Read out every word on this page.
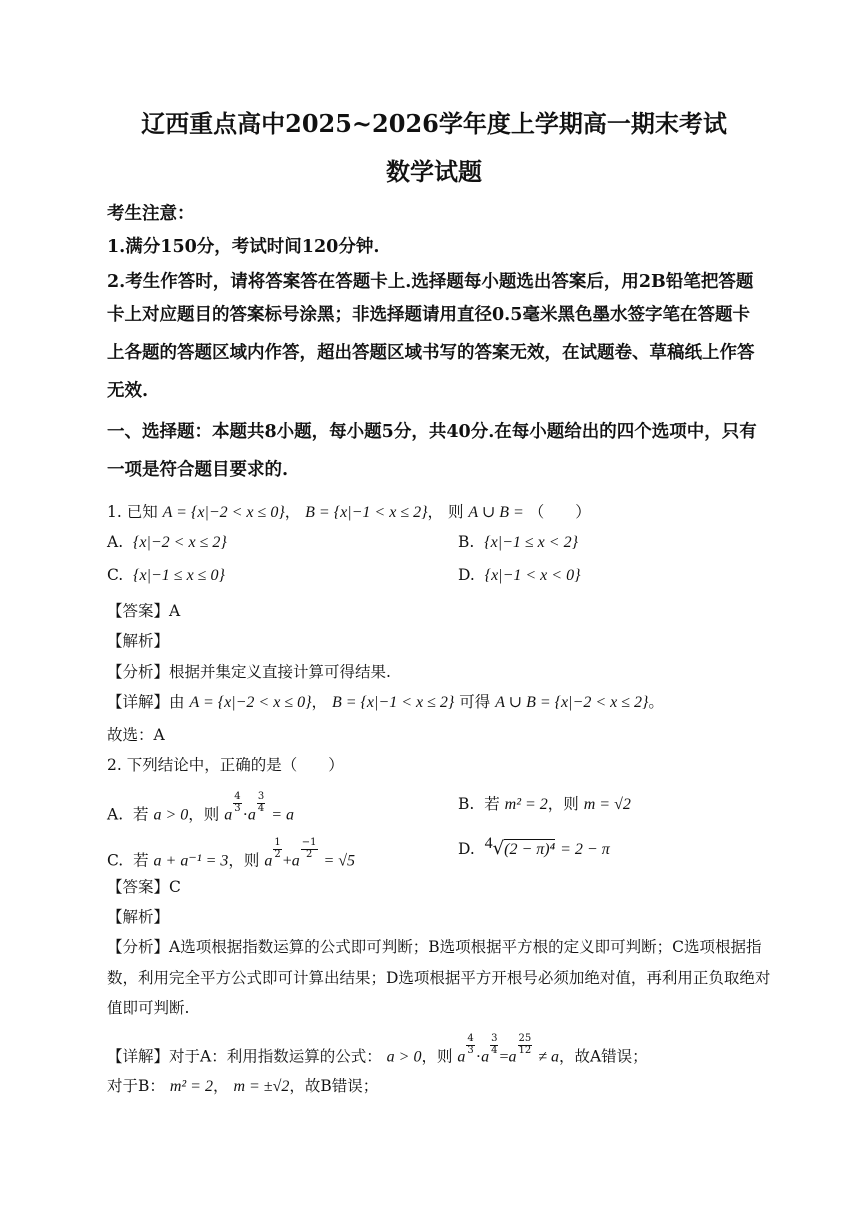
辽西重点高中2025~2026学年度上学期高一期末考试
数学试题
考生注意：
1.满分150分，考试时间120分钟.
2.考生作答时，请将答案答在答题卡上.选择题每小题选出答案后，用2B铅笔把答题
卡上对应题目的答案标号涂黑；非选择题请用直径0.5毫米黑色墨水签字笔在答题卡
上各题的答题区域内作答，超出答题区域书写的答案无效，在试题卷、草稿纸上作答
无效.
一、选择题：本题共8小题，每小题5分，共40分.在每小题给出的四个选项中，只有
一项是符合题目要求的.
1. 已知 A = {x|−2 < x ≤ 0}， B = {x|−1 < x ≤ 2}， 则 A ∪ B = （　　）
A. {x|−2 < x ≤ 2}	B. {x|−1 ≤ x < 2}
C. {x|−1 ≤ x ≤ 0}	D. {x|−1 < x < 0}
【答案】A
【解析】
【分析】根据并集定义直接计算可得结果.
【详解】由 A = {x|−2 < x ≤ 0}， B = {x|−1 < x ≤ 2} 可得 A ∪ B = {x|−2 < x ≤ 2}。
故选：A
2. 下列结论中，正确的是（　　）
A. 若 a > 0，则 a
$\frac{4}{3}$
·a
$\frac{3}{4}$
= a
B. 若 m² = 2，则 m = √2
C. 若 a + a⁻¹ = 3，则 a
$\frac{1}{2}$
+a
$\frac{-1}{2}$
= √5
D. $^4$√(2 − π)⁴ = 2 − π
【答案】C
【解析】
【分析】A选项根据指数运算的公式即可判断；B选项根据平方根的定义即可判断；C选项根据指
数，利用完全平方公式即可计算出结果；D选项根据平方开根号必须加绝对值，再利用正负取绝对
值即可判断.
【详解】对于A：利用指数运算的公式： a > 0，则 a
$\frac{4}{3}$
·a
$\frac{3}{4}$
=a
$\frac{25}{12}$
≠ a，故A错误；
对于B： m² = 2， m = ±√2，故B错误；
